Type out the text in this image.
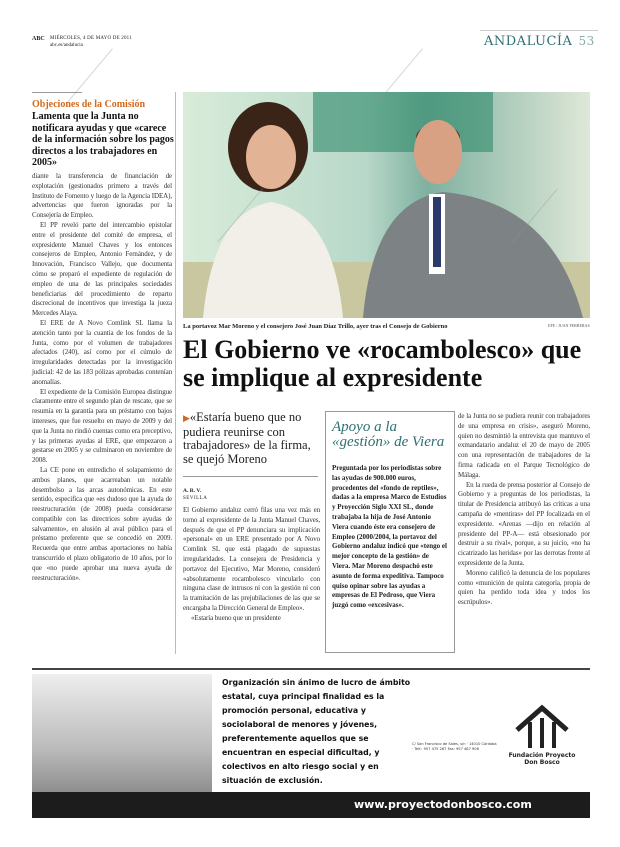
ABC MIÉRCOLES, 4 DE MAYO DE 2011
abc.es/andalucia	ANDALUCÍA 53
Objeciones de la Comisión
Lamenta que la Junta no notificara ayudas y que «carece de la información sobre los pagos directos a los trabajadores en 2005»

diante la transferencia de financiación de explotación (gestionados primero a través del Instituto de Fomento y luego de la Agencia IDEA), advertencias que fueron ignoradas por la Consejería de Empleo.

El PP reveló parte del intercambio epistolar entre el presidente del comité de empresa, el expresidente Manuel Chaves y los entonces consejeros de Empleo, Antonio Fernández, y de Innovación, Francisco Vallejo, que documenta cómo se preparó el expediente de regulación de empleo de una de las principales sociedades beneficiarias del procedimiento de reparto discrecional de incentivos que investiga la jueza Mercedes Alaya.

El ERE de A Novo Comlink SL llama la atención tanto por la cuantía de los fondos de la Junta, como por el volumen de trabajadores afectados (240), así como por el cúmulo de irregularidades detectadas por la investigación judicial: 42 de las 183 pólizas aprobadas contenían anomalías.

El expediente de la Comisión Europea distingue claramente entre el segundo plan de rescate, que se resumía en la garantía para un préstamo con bajos intereses, que fue resuelto en mayo de 2009 y del que la Junta no rindió cuentas como era preceptivo, y las primeras ayudas al ERE, que empezaron a gestarse en 2005 y se culminaron en noviembre de 2008.

La CE pone en entredicho el solapamiento de ambos planes, que acarreaban un notable desembolso a las arcas autonómicas. En este sentido, especifica que «es dudoso que la ayuda de reestructuración (de 2008) pueda considerarse compatible con las directrices sobre ayudas de salvamento», en alusión al aval público para el préstamo preferente que se concedió en 2009. Recuerda que entre ambas aportaciones no había transcurrido el plazo obligatorio de 10 años, por lo que «no puede aprobar una nueva ayuda de reestructuración».

La portavoz Mar Moreno y el consejero José Juan Díaz Trillo, ayer tras el Consejo de Gobierno	EFE / JUAN FERRERAS
El Gobierno ve «rocambolesco» que se implique al expresidente
▶«Estaría bueno que no pudiera reunirse con trabajadores» de la firma, se quejó Moreno
A. R. V.
SEVILLA

El Gobierno andaluz cerró filas una vez más en torno al expresidente de la Junta Manuel Chaves, después de que el PP denunciara su implicación «personal» en un ERE presentado por A Novo Comlink SL que está plagado de supuestas irregularidades. La consejera de Presidencia y portavoz del Ejecutivo, Mar Moreno, consideró «absolutamente rocambolesco vincularlo con ninguna clase de intrusos ni con la gestión ni con la tramitación de las prejubilaciones de las que se encargaba la Dirección General de Empleo».

«Estaría bueno que un presidente

Apoyo a la «gestión» de Viera
Preguntada por los periodistas sobre las ayudas de 900.000 euros, procedentes del «fondo de reptiles», dadas a la empresa Marco de Estudios y Proyección Siglo XXI SL, donde trabajaba la hija de José Antonio Viera cuando éste era consejero de Empleo (2000/2004, la portavoz del Gobierno andaluz indicó que «tengo el mejor concepto de la gestión» de Viera. Mar Moreno despachó este asunto de forma expeditiva. Tampoco quiso opinar sobre las ayudas a empresas de El Pedroso, que Viera juzgó como «excesivas».

de la Junta no se pudiera reunir con trabajadores de una empresa en crisis», aseguró Moreno, quien no desmintió la entrevista que mantuvo el exmandatario andaluz el 20 de mayo de 2005 con una representación de trabajadores de la firma radicada en el Parque Tecnológico de Málaga.

En la rueda de prensa posterior al Consejo de Gobierno y a preguntas de los periodistas, la titular de Presidencia atribuyó las críticas a una campaña de «mentiras» del PP focalizada en el expresidente. «Arenas —dijo en relación al presidente del PP-A— está obsesionado por destruir a su rival», porque, a su juicio, «no ha cicatrizado las heridas» por las derrotas frente al expresidente de la Junta.

Moreno calificó la denuncia de los populares como «munición de quinta categoría, propia de quien ha perdido toda idea y todos los escrúpulos».

Organización sin ánimo de lucro de ámbito estatal, cuya principal finalidad es la promoción personal, educativa y sociolaboral de menores y jóvenes, preferentemente aquellos que se encuentran en especial dificultad, y colectivos en alto riesgo social y en situación de exclusión.
C/ San Francisco de Sales, s/n · 14010 Córdoba · Telf.: 957 475 267 Fax: 957 487 906
Fundación Proyecto Don Bosco
www.proyectodonbosco.com
